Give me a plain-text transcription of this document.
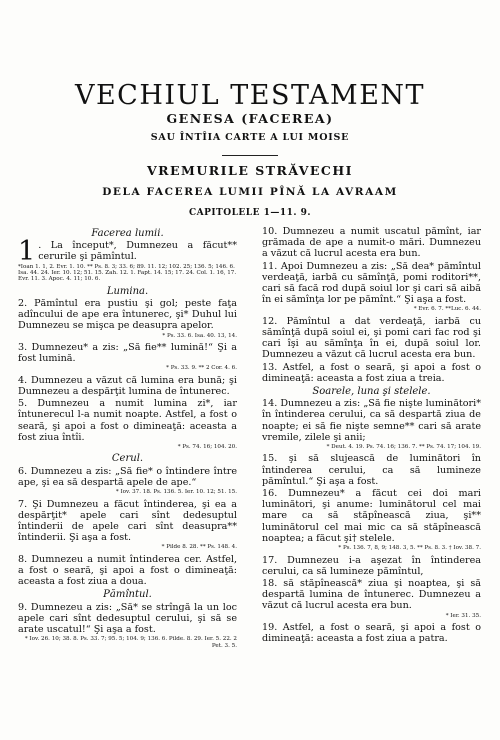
VECHIUL TESTAMENT
GENESA (FACEREA)
SAU ÎNTÎIA CARTE A LUI MOISE
VREMURILE STRĂVECHI
DELA FACEREA LUMII PÎNĂ LA AVRAAM
CAPITOLELE 1—11. 9.
Facerea lumii.
1 . La început*, Dumnezeu a făcut** cerurile şi pămîntul.
*Ioan 1. 1, 2. Evr. 1. 10. ** Ps. 8. 3; 33. 6; 89. 11. 12; 102. 25; 136. 5; 146. 6. Isa. 44. 24. Ier. 10. 12; 51. 15. Zah. 12. 1. Fapt. 14. 15; 17. 24. Col. 1. 16, 17. Evr. 11. 3. Apoc. 4. 11; 10. 6.
Lumina.
2. Pămîntul era pustiu şi gol; peste faţa adîncului de ape era întunerec, şi* Duhul lui Dumnezeu se mişca pe deasupra apelor.
* Ps. 33. 6. Isa. 40. 13, 14.
3. Dumnezeu* a zis: „Să fie** lumină!“ Şi a fost lumină.
* Ps. 33. 9. ** 2 Cor. 4. 6.
4. Dumnezeu a văzut că lumina era bună; şi Dumnezeu a despărţit lumina de întunerec.
5. Dumnezeu a numit lumina zi*, iar întunerecul l-a numit noapte. Astfel, a fost o seară, şi apoi a fost o dimineaţă: aceasta a fost ziua întîi.
* Ps. 74. 16; 104. 20.
Cerul.
6. Dumnezeu a zis: „Să fie* o întindere între ape, şi ea să despartă apele de ape.“
* Iov. 37. 18. Ps. 136. 5. Ier. 10. 12; 51. 15.
7. Şi Dumnezeu a făcut întinderea, şi ea a despărţit* apele cari sînt dedesuptul întinderii de apele cari sînt deasupra** întinderii. Şi aşa a fost.
* Pilde 8. 28. ** Ps. 148. 4.
8. Dumnezeu a numit întinderea cer. Astfel, a fost o seară, şi apoi a fost o dimineaţă: aceasta a fost ziua a doua.
Pămîntul.
9. Dumnezeu a zis: „Să* se strîngă la un loc apele cari sînt dedesuptul cerului, şi să se arate uscatul!“ Şi aşa a fost.
* Iov. 26. 10; 38. 8. Ps. 33. 7; 95. 5; 104. 9; 136. 6. Pilde. 8. 29. Ier. 5. 22. 2 Pet. 3. 5.
10. Dumnezeu a numit uscatul pămînt, iar grămada de ape a numit-o mări. Dumnezeu a văzut că lucrul acesta era bun.
11. Apoi Dumnezeu a zis: „Să dea* pămîntul verdeaţă, iarbă cu sămînţă, pomi roditori**, cari să facă rod după soiul lor şi cari să aibă în ei sămînţa lor pe pămînt.“ Şi aşa a fost.
* Evr. 6. 7. **Luc. 6. 44.
12. Pămîntul a dat verdeaţă, iarbă cu sămînţă după soiul ei, şi pomi cari fac rod şi cari îşi au sămînţa în ei, după soiul lor. Dumnezeu a văzut că lucrul acesta era bun.
13. Astfel, a fost o seară, şi apoi a fost o dimineaţă: aceasta a fost ziua a treia.
Soarele, luna şi stelele.
14. Dumnezeu a zis: „Să fie nişte luminători* în întinderea cerului, ca să despartă ziua de noapte; ei să fie nişte semne** cari să arate vremile, zilele şi anii;
* Deut. 4. 19. Ps. 74. 16; 136. 7. ** Ps. 74. 17; 104. 19.
15. şi să slujească de luminători în întinderea cerului, ca să lumineze pămîntul.“ Şi aşa a fost.
16. Dumnezeu* a făcut cei doi mari luminători, şi anume: luminătorul cel mai mare ca să stăpînească ziua, şi** luminătorul cel mai mic ca să stăpînească noaptea; a făcut şi† stelele.
* Ps. 136. 7, 8, 9; 148. 3, 5. ** Ps. 8. 3. † Iov. 38. 7.
17. Dumnezeu i-a aşezat în întinderea cerului, ca să lumineze pămîntul,
18. să stăpînească* ziua şi noaptea, şi să despartă lumina de întunerec. Dumnezeu a văzut că lucrul acesta era bun.
* Ier. 31. 35.
19. Astfel, a fost o seară, şi apoi a fost o dimineaţă: aceasta a fost ziua a patra.
